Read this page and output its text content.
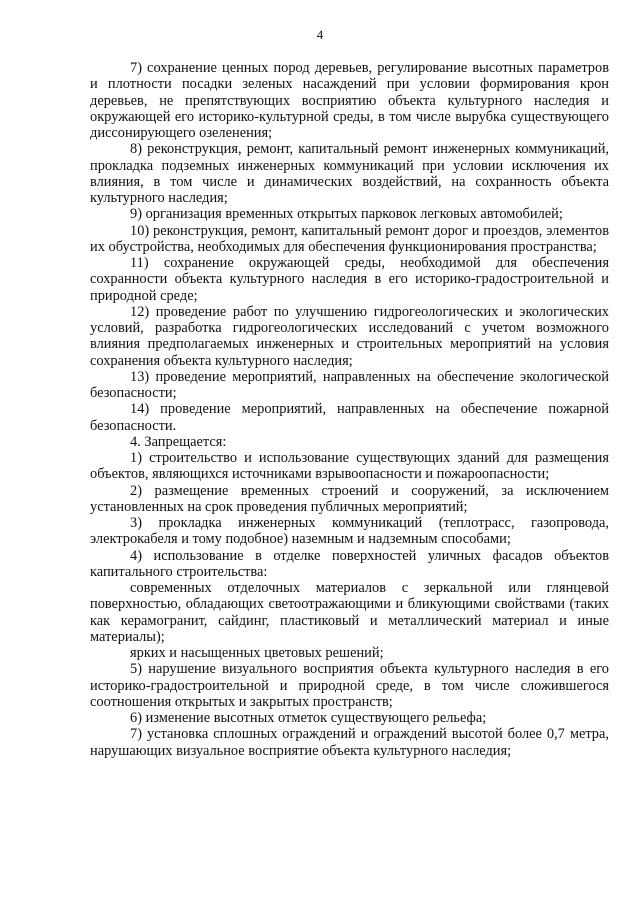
4

7) сохранение ценных пород деревьев, регулирование высотных параметров и плотности посадки зеленых насаждений при условии формирования крон деревьев, не препятствующих восприятию объекта культурного наследия и окружающей его историко-культурной среды, в том числе вырубка существующего диссонирующего озеленения;

8) реконструкция, ремонт, капитальный ремонт инженерных коммуникаций, прокладка подземных инженерных коммуникаций при условии исключения их влияния, в том числе и динамических воздействий, на сохранность объекта культурного наследия;

9) организация временных открытых парковок легковых автомобилей;

10) реконструкция, ремонт, капитальный ремонт дорог и проездов, элементов их обустройства, необходимых для обеспечения функционирования пространства;

11) сохранение окружающей среды, необходимой для обеспечения сохранности объекта культурного наследия в его историко-градостроительной и природной среде;

12) проведение работ по улучшению гидрогеологических и экологических условий, разработка гидрогеологических исследований с учетом возможного влияния предполагаемых инженерных и строительных мероприятий на условия сохранения объекта культурного наследия;

13) проведение мероприятий, направленных на обеспечение экологической безопасности;

14) проведение мероприятий, направленных на обеспечение пожарной безопасности.

4. Запрещается:

1) строительство и использование существующих зданий для размещения объектов, являющихся источниками взрывоопасности и пожароопасности;

2) размещение временных строений и сооружений, за исключением установленных на срок проведения публичных мероприятий;

3) прокладка инженерных коммуникаций (теплотрасс, газопровода, электрокабеля и тому подобное) наземным и надземным способами;

4) использование в отделке поверхностей уличных фасадов объектов капитального строительства:

современных отделочных материалов с зеркальной или глянцевой поверхностью, обладающих светоотражающими и бликующими свойствами (таких как керамогранит, сайдинг, пластиковый и металлический материал и иные материалы);

ярких и насыщенных цветовых решений;

5) нарушение визуального восприятия объекта культурного наследия в его историко-градостроительной и природной среде, в том числе сложившегося соотношения открытых и закрытых пространств;

6) изменение высотных отметок существующего рельефа;

7) установка сплошных ограждений и ограждений высотой более 0,7 метра, нарушающих визуальное восприятие объекта культурного наследия;
